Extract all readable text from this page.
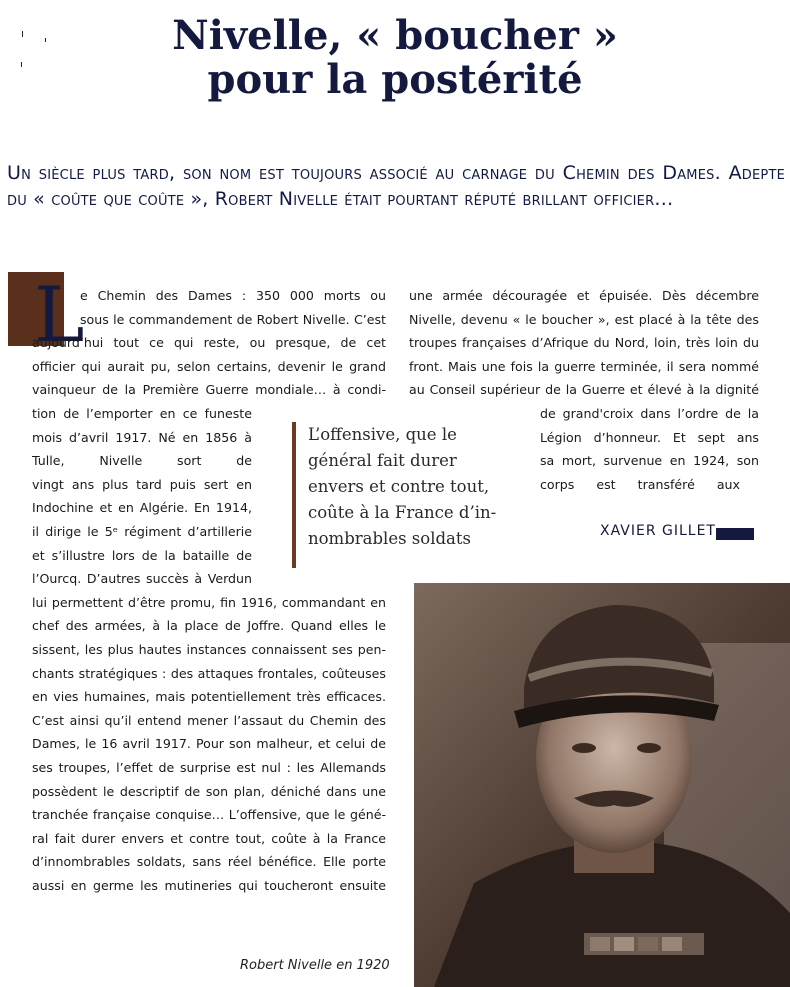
Nivelle, « boucher »
pour la postérité

Un siècle plus tard, son nom est toujours associé au carnage du Chemin des Dames. Adepte du « coûte que coûte », Robert Nivelle était pourtant réputé brillant officier…

L
e Chemin des Dames : 350 000 morts ou
sous le commandement de Robert Nivelle. C’est
aujourd’hui tout ce qui reste, ou presque, de cet
officier qui aurait pu, selon certains, devenir le grand
vainqueur de la Première Guerre mondiale… à condi-
tion de l’emporter en ce funeste
mois d’avril 1917. Né en 1856 à
Tulle, Nivelle sort de
vingt ans plus tard puis sert en
Indochine et en Algérie. En 1914,
il dirige le 5ᵉ régiment d’artillerie
et s’illustre lors de la bataille de
l’Ourcq. D’autres succès à Verdun
lui permettent d’être promu, fin 1916, commandant en
chef des armées, à la place de Joffre. Quand elles le
sissent, les plus hautes instances connaissent ses pen-
chants stratégiques : des attaques frontales, coûteuses
en vies humaines, mais potentiellement très efficaces.
C’est ainsi qu’il entend mener l’assaut du Chemin des
Dames, le 16 avril 1917. Pour son malheur, et celui de
ses troupes, l’effet de surprise est nul : les Allemands
possèdent le descriptif de son plan, déniché dans une
tranchée française conquise… L’offensive, que le géné-
ral fait durer envers et contre tout, coûte à la France
d’innombrables soldats, sans réel bénéfice. Elle porte
aussi en germe les mutineries qui toucheront ensuite
une armée découragée et épuisée. Dès décembre
Nivelle, devenu « le boucher », est placé à la tête des
troupes françaises d’Afrique du Nord, loin, très loin du
front. Mais une fois la guerre terminée, il sera nommé
au Conseil supérieur de la Guerre et élevé à la dignité
de grand'croix dans l’ordre de la
Légion d’honneur. Et sept ans
sa mort, survenue en 1924, son
corps est transféré aux
L’offensive, que le
général fait durer
envers et contre tout,
coûte à la France d’in-
nombrables soldats	XAVIER GILLET
Robert Nivelle en 1920
